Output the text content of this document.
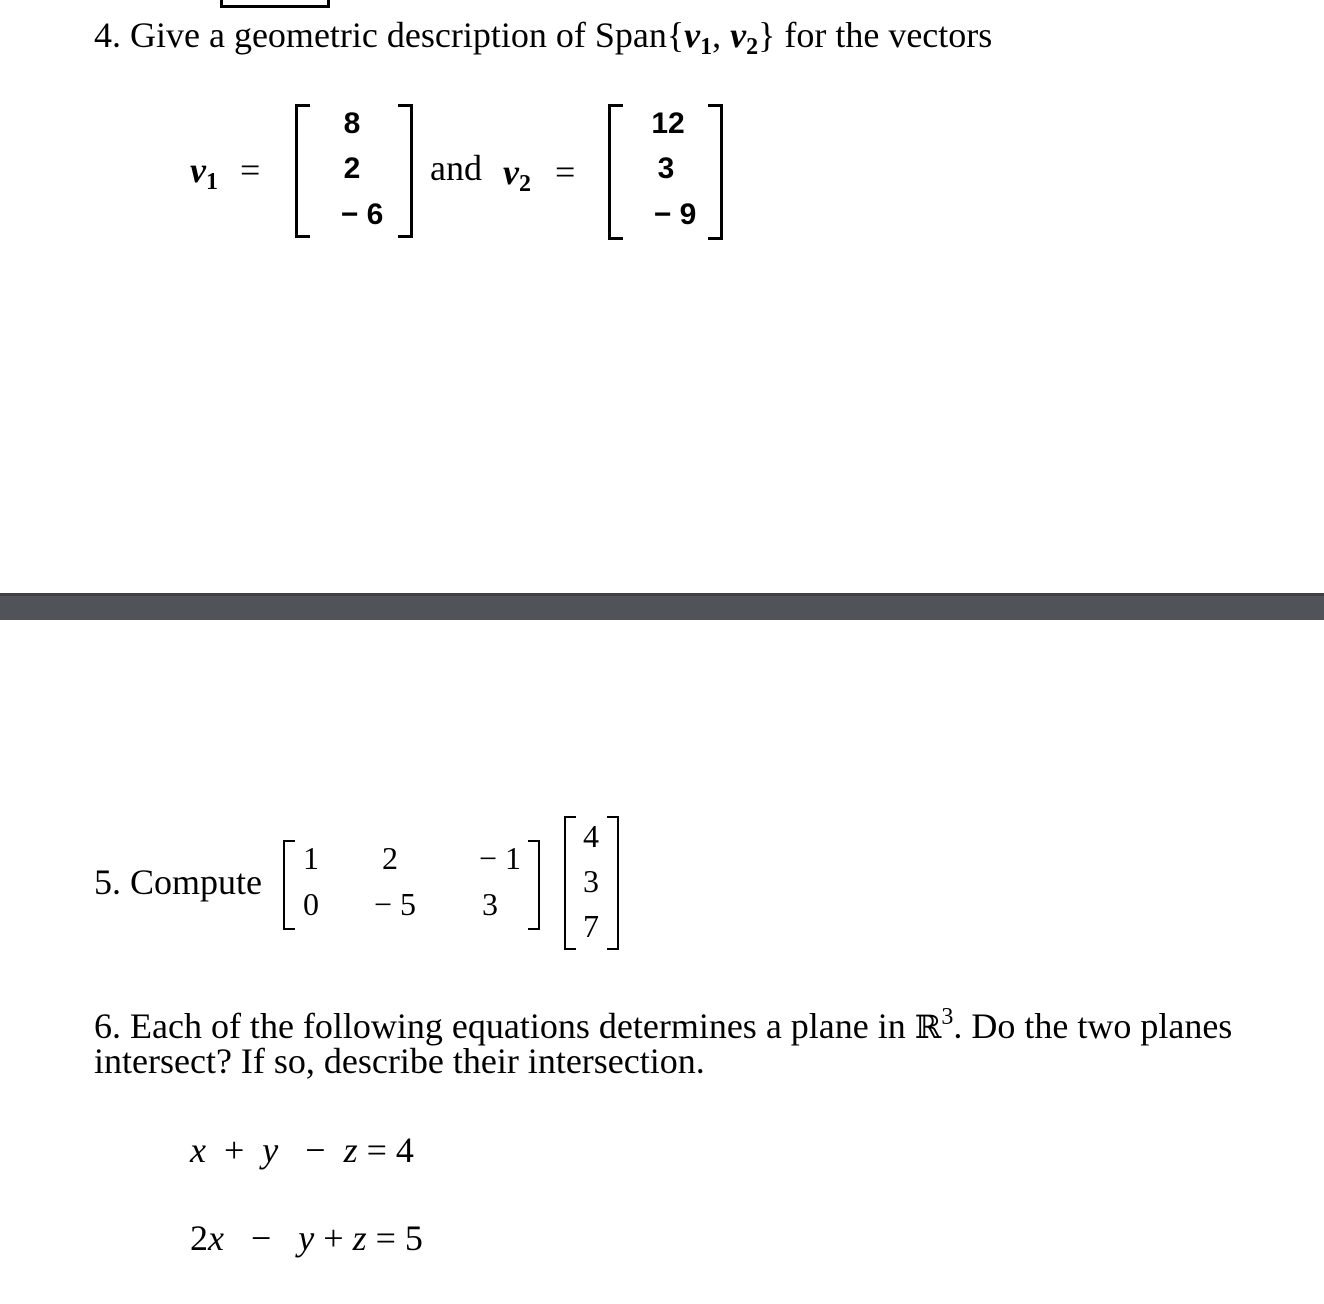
4. Give a geometric description of $Span\{v_1$, $v_2$} for the vectors
$v_1$ =
8
2
− 6
and $v_2$ =
12
3
− 9
5. Compute
1	2	− 1
0	− 5	3
4
3
7
6. Each of the following equations determines a plane in ℝ$^3$. Do the two planes
intersect? If so, describe their intersection.
x + y − z = 4
2x − y + z = 5
